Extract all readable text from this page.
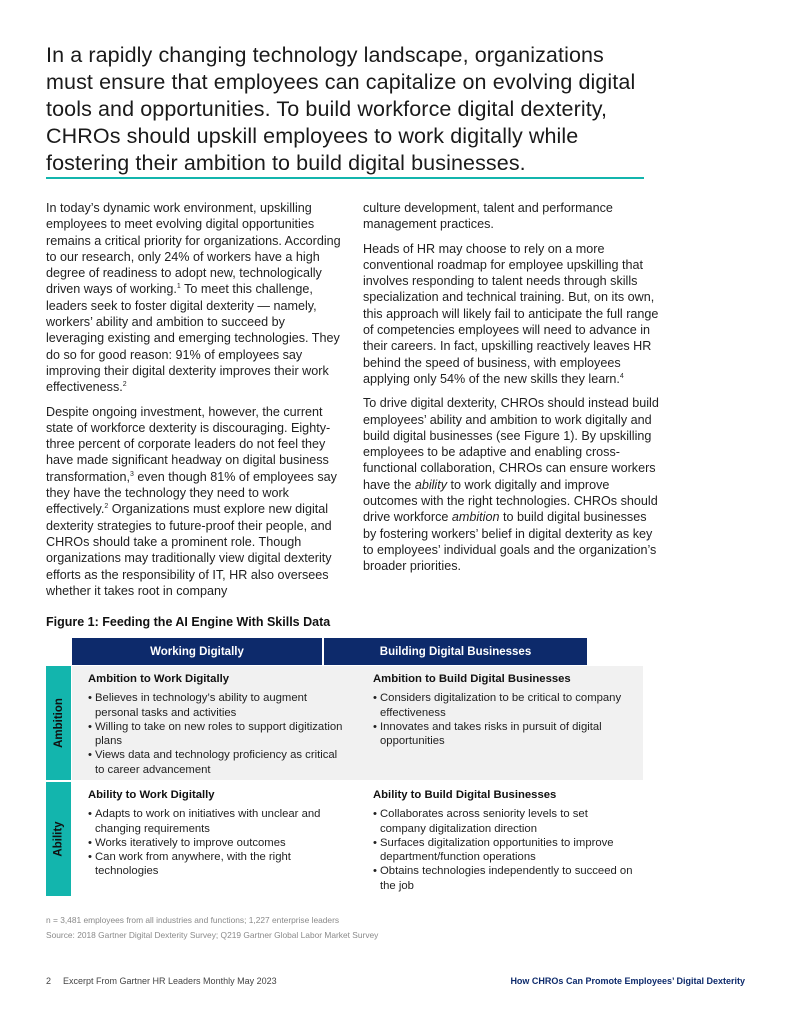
In a rapidly changing technology landscape, organizations must ensure that employees can capitalize on evolving digital tools and opportunities. To build workforce digital dexterity, CHROs should upskill employees to work digitally while fostering their ambition to build digital businesses.

In today’s dynamic work environment, upskilling employees to meet evolving digital opportunities remains a critical priority for organizations. According to our research, only 24% of workers have a high degree of readiness to adopt new, technologically driven ways of working.$^1$ To meet this challenge, leaders seek to foster digital dexterity — namely, workers’ ability and ambition to succeed by leveraging existing and emerging technologies. They do so for good reason: 91% of employees say improving their digital dexterity improves their work effectiveness.$^2$

Despite ongoing investment, however, the current state of workforce dexterity is discouraging. Eighty-three percent of corporate leaders do not feel they have made significant headway on digital business transformation,$^3$ even though 81% of employees say they have the technology they need to work effectively.$^2$ Organizations must explore new digital dexterity strategies to future-proof their people, and CHROs should take a prominent role. Though organizations may traditionally view digital dexterity efforts as the responsibility of IT, HR also oversees whether it takes root in company

culture development, talent and performance management practices.

Heads of HR may choose to rely on a more conventional roadmap for employee upskilling that involves responding to talent needs through skills specialization and technical training. But, on its own, this approach will likely fail to anticipate the full range of competencies employees will need to advance in their careers. In fact, upskilling reactively leaves HR behind the speed of business, with employees applying only 54% of the new skills they learn.$^4$

To drive digital dexterity, CHROs should instead build employees’ ability and ambition to work digitally and build digital businesses (see Figure 1). By upskilling employees to be adaptive and enabling cross-functional collaboration, CHROs can ensure workers have the ability to work digitally and improve outcomes with the right technologies. CHROs should drive workforce ambition to build digital businesses by fostering workers’ belief in digital dexterity as key to employees’ individual goals and the organization’s broader priorities.

Figure 1: Feeding the AI Engine With Skills Data
Working Digitally	Building Digital Businesses
Ambition
Ability
Ambition to Work Digitally
• Believes in technology’s ability to augment personal tasks and activities
• Willing to take on new roles to support digitization plans
• Views data and technology proficiency as critical to career advancement
Ambition to Build Digital Businesses
• Considers digitalization to be critical to company effectiveness
• Innovates and takes risks in pursuit of digital opportunities
Ability to Work Digitally
• Adapts to work on initiatives with unclear and changing requirements
• Works iteratively to improve outcomes
• Can work from anywhere, with the right technologies
Ability to Build Digital Businesses
• Collaborates across seniority levels to set company digitalization direction
• Surfaces digitalization opportunities to improve department/function operations
• Obtains technologies independently to succeed on the job
n = 3,481 employees from all industries and functions; 1,227 enterprise leaders
Source: 2018 Gartner Digital Dexterity Survey; Q219 Gartner Global Labor Market Survey
2 Excerpt From Gartner HR Leaders Monthly May 2023	How CHROs Can Promote Employees’ Digital Dexterity
